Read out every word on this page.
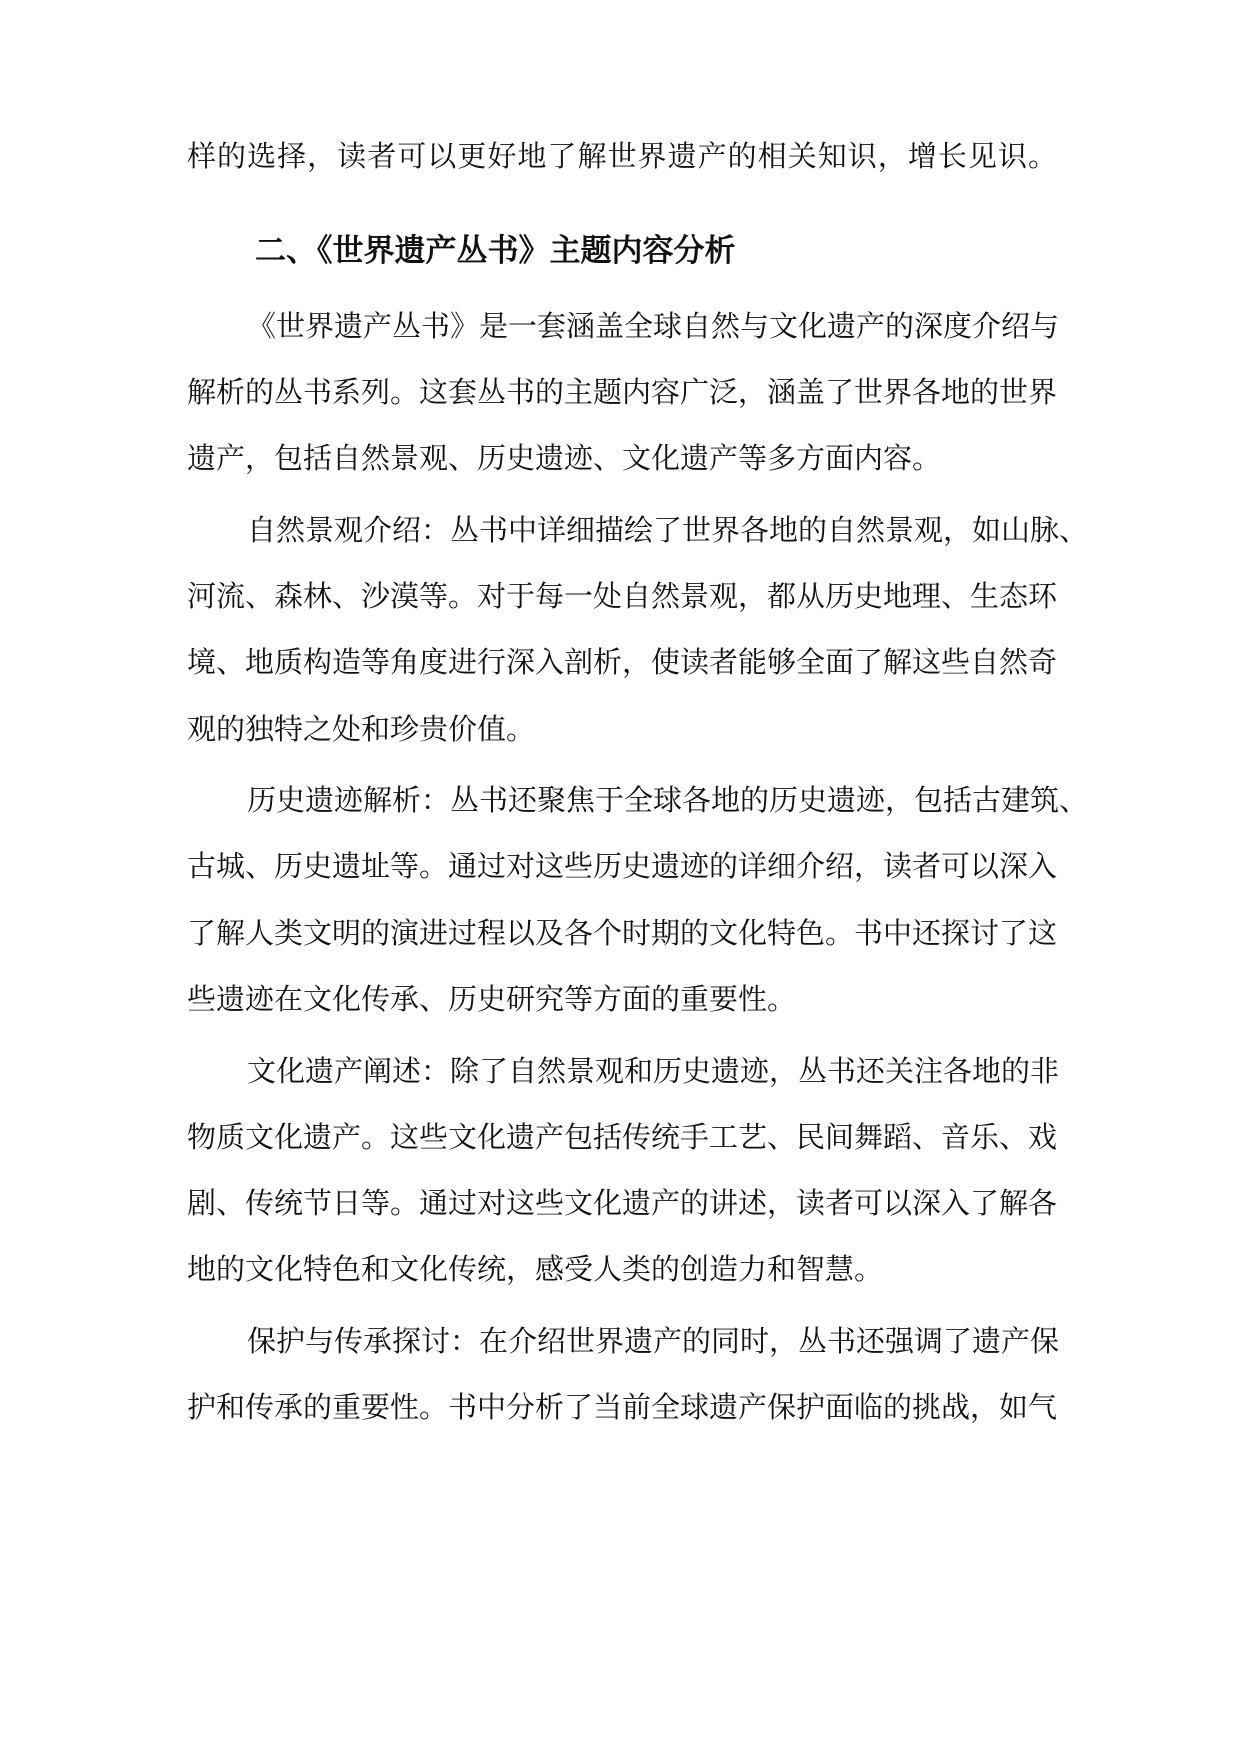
样的选择，读者可以更好地了解世界遗产的相关知识，增长见识。
二、《世界遗产丛书》主题内容分析
《世界遗产丛书》是一套涵盖全球自然与文化遗产的深度介绍与
解析的丛书系列。这套丛书的主题内容广泛，涵盖了世界各地的世界
遗产，包括自然景观、历史遗迹、文化遗产等多方面内容。
自然景观介绍：丛书中详细描绘了世界各地的自然景观，如山脉、
河流、森林、沙漠等。对于每一处自然景观，都从历史地理、生态环
境、地质构造等角度进行深入剖析，使读者能够全面了解这些自然奇
观的独特之处和珍贵价值。
历史遗迹解析：丛书还聚焦于全球各地的历史遗迹，包括古建筑、
古城、历史遗址等。通过对这些历史遗迹的详细介绍，读者可以深入
了解人类文明的演进过程以及各个时期的文化特色。书中还探讨了这
些遗迹在文化传承、历史研究等方面的重要性。
文化遗产阐述：除了自然景观和历史遗迹，丛书还关注各地的非
物质文化遗产。这些文化遗产包括传统手工艺、民间舞蹈、音乐、戏
剧、传统节日等。通过对这些文化遗产的讲述，读者可以深入了解各
地的文化特色和文化传统，感受人类的创造力和智慧。
保护与传承探讨：在介绍世界遗产的同时，丛书还强调了遗产保
护和传承的重要性。书中分析了当前全球遗产保护面临的挑战，如气
